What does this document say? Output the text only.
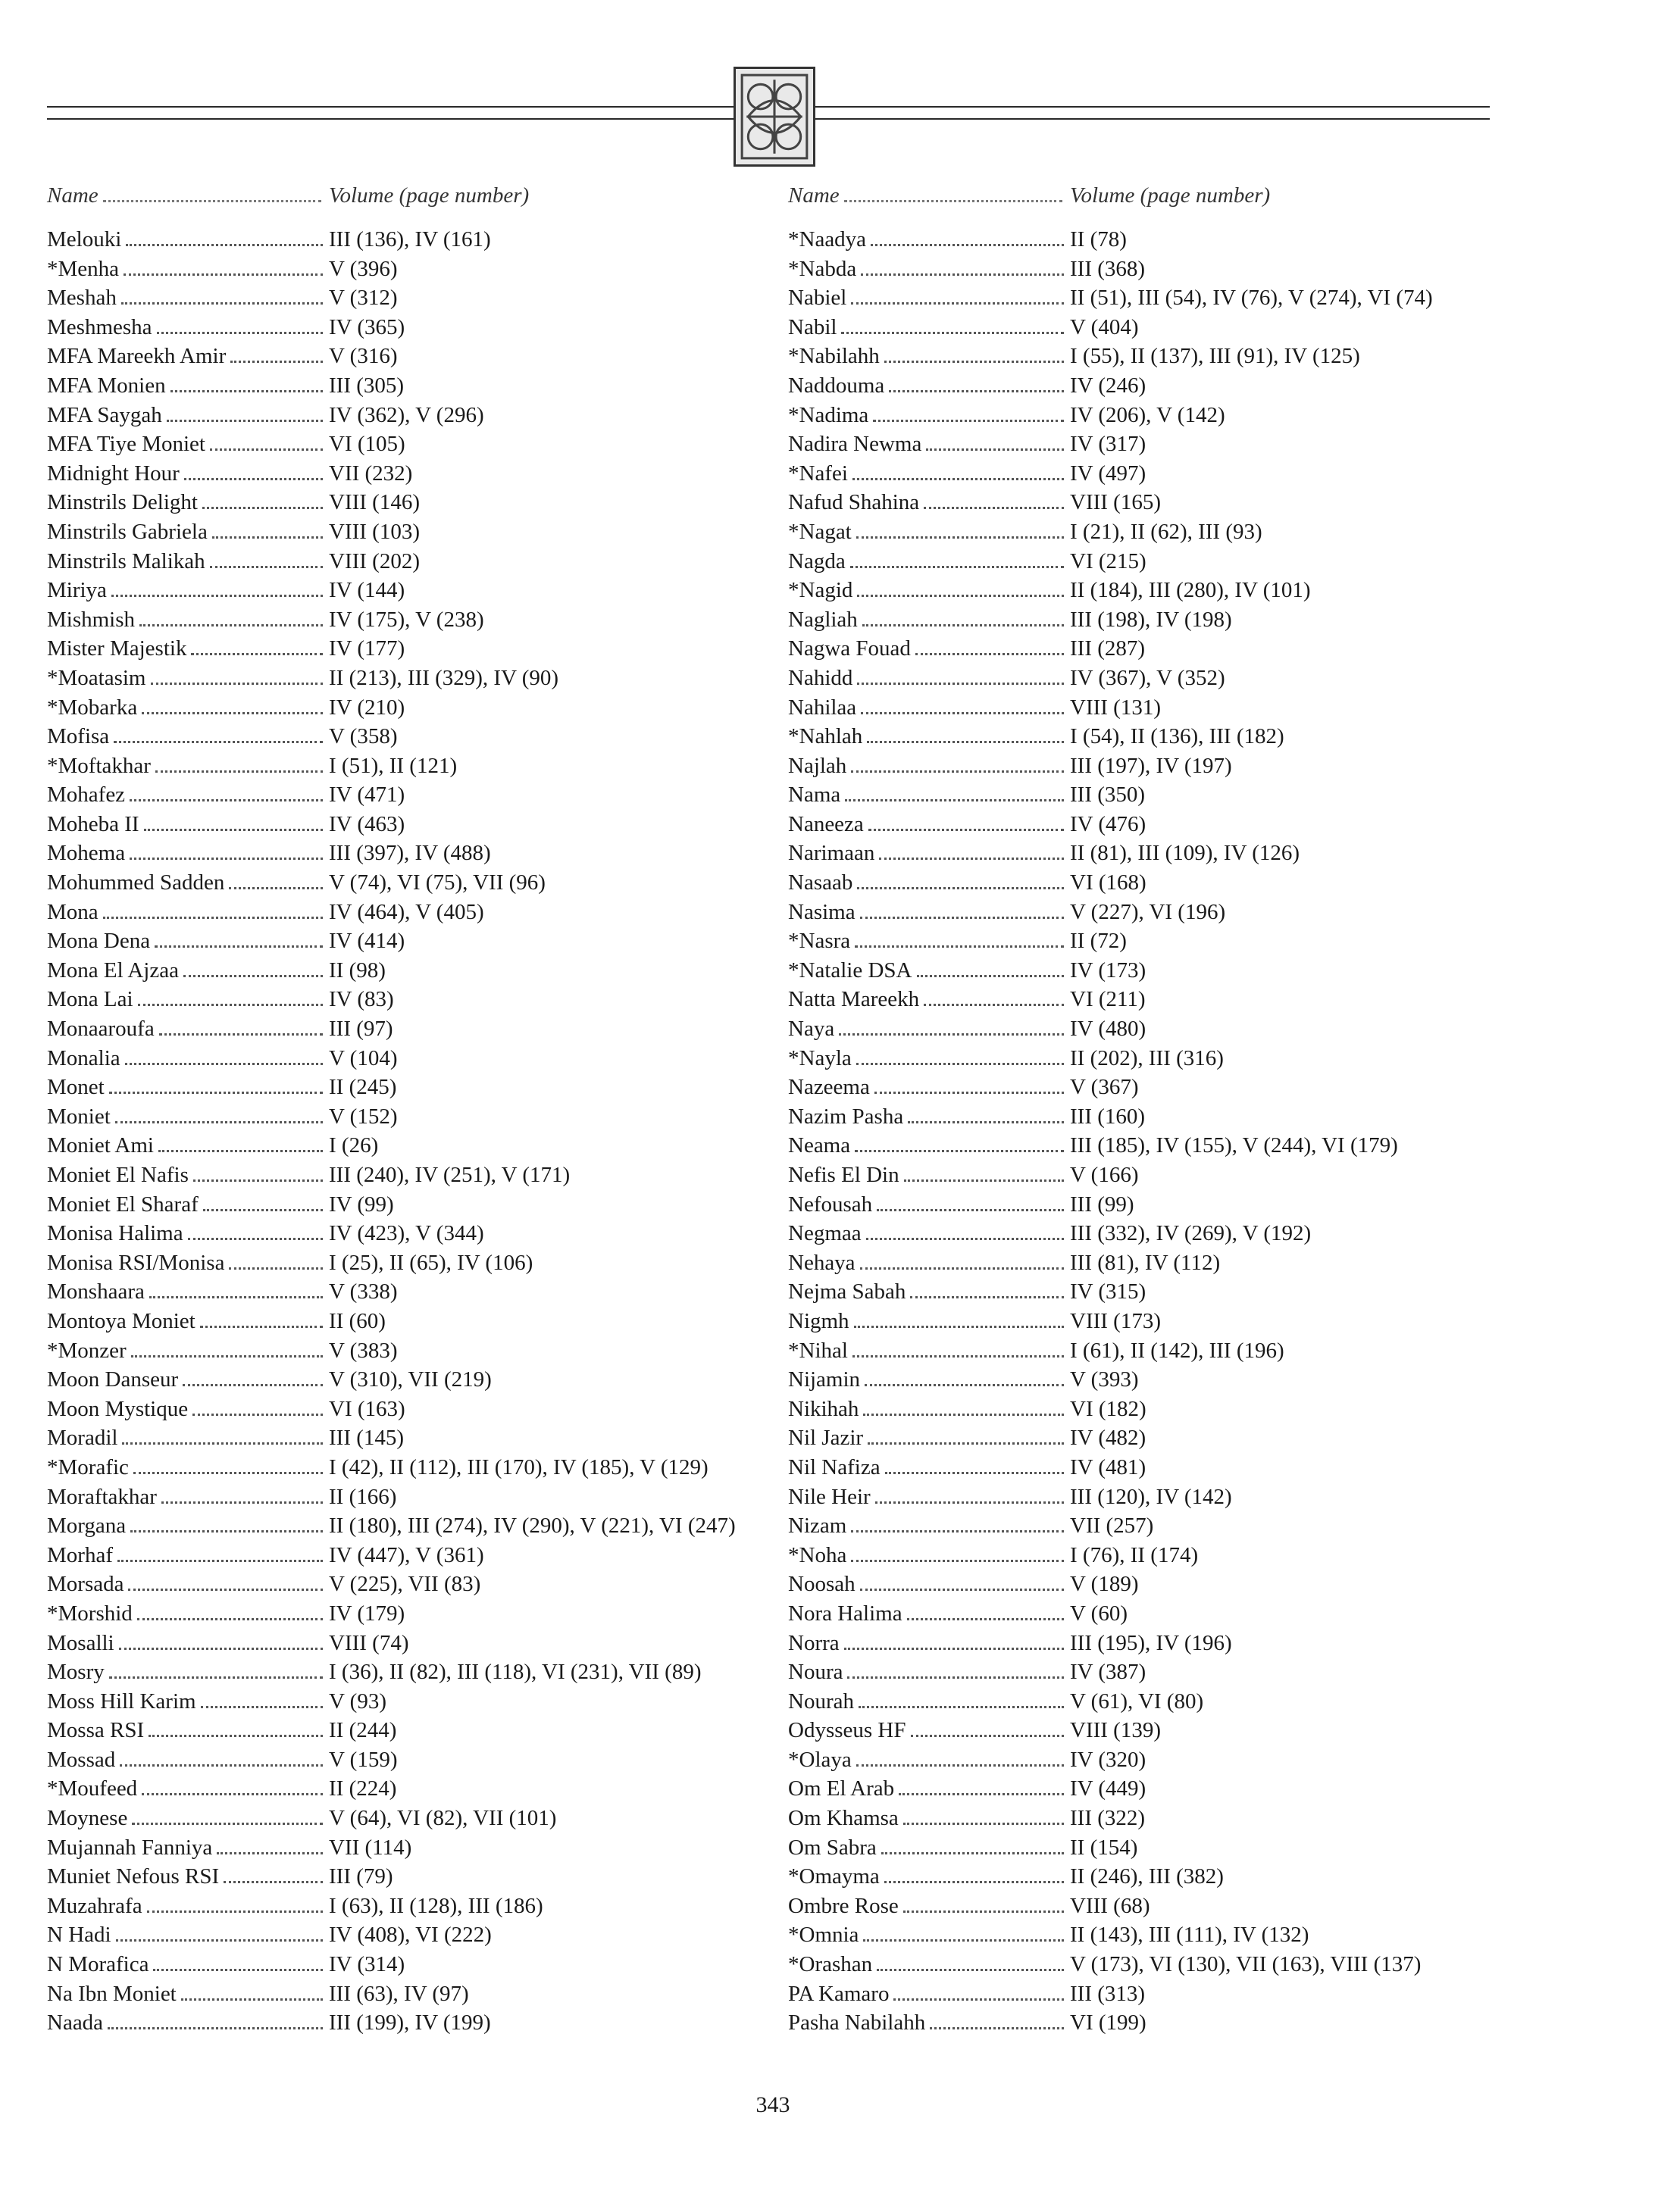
Name	Volume (page number)
Melouki	III (136), IV (161)
*Menha	V (396)
Meshah	V (312)
Meshmesha	IV (365)
MFA Mareekh Amir	V (316)
MFA Monien	III (305)
MFA Saygah	IV (362), V (296)
MFA Tiye Moniet	VI (105)
Midnight Hour	VII (232)
Minstrils Delight	VIII (146)
Minstrils Gabriela	VIII (103)
Minstrils Malikah	VIII (202)
Miriya	IV (144)
Mishmish	IV (175), V (238)
Mister Majestik	IV (177)
*Moatasim	II (213), III (329), IV (90)
*Mobarka	IV (210)
Mofisa	V (358)
*Moftakhar	I (51), II (121)
Mohafez	IV (471)
Moheba II	IV (463)
Mohema	III (397), IV (488)
Mohummed Sadden	V (74), VI (75), VII (96)
Mona	IV (464), V (405)
Mona Dena	IV (414)
Mona El Ajzaa	II (98)
Mona Lai	IV (83)
Monaaroufa	III (97)
Monalia	V (104)
Monet	II (245)
Moniet	V (152)
Moniet Ami	I (26)
Moniet El Nafis	III (240), IV (251), V (171)
Moniet El Sharaf	IV (99)
Monisa Halima	IV (423), V (344)
Monisa RSI/Monisa	I (25), II (65), IV (106)
Monshaara	V (338)
Montoya Moniet	II (60)
*Monzer	V (383)
Moon Danseur	V (310), VII (219)
Moon Mystique	VI (163)
Moradil	III (145)
*Morafic	I (42), II (112), III (170), IV (185), V (129)
Moraftakhar	II (166)
Morgana	II (180), III (274), IV (290), V (221), VI (247)
Morhaf	IV (447), V (361)
Morsada	V (225), VII (83)
*Morshid	IV (179)
Mosalli	VIII (74)
Mosry	I (36), II (82), III (118), VI (231), VII (89)
Moss Hill Karim	V (93)
Mossa RSI	II (244)
Mossad	V (159)
*Moufeed	II (224)
Moynese	V (64), VI (82), VII (101)
Mujannah Fanniya	VII (114)
Muniet Nefous RSI	III (79)
Muzahrafa	I (63), II (128), III (186)
N Hadi	IV (408), VI (222)
N Morafica	IV (314)
Na Ibn Moniet	III (63), IV (97)
Naada	III (199), IV (199)
Name	Volume (page number)
*Naadya	II (78)
*Nabda	III (368)
Nabiel	II (51), III (54), IV (76), V (274), VI (74)
Nabil	V (404)
*Nabilahh	I (55), II (137), III (91), IV (125)
Naddouma	IV (246)
*Nadima	IV (206), V (142)
Nadira Newma	IV (317)
*Nafei	IV (497)
Nafud Shahina	VIII (165)
*Nagat	I (21), II (62), III (93)
Nagda	VI (215)
*Nagid	II (184), III (280), IV (101)
Nagliah	III (198), IV (198)
Nagwa Fouad	III (287)
Nahidd	IV (367), V (352)
Nahilaa	VIII (131)
*Nahlah	I (54), II (136), III (182)
Najlah	III (197), IV (197)
Nama	III (350)
Naneeza	IV (476)
Narimaan	II (81), III (109), IV (126)
Nasaab	VI (168)
Nasima	V (227), VI (196)
*Nasra	II (72)
*Natalie DSA	IV (173)
Natta Mareekh	VI (211)
Naya	IV (480)
*Nayla	II (202), III (316)
Nazeema	V (367)
Nazim Pasha	III (160)
Neama	III (185), IV (155), V (244), VI (179)
Nefis El Din	V (166)
Nefousah	III (99)
Negmaa	III (332), IV (269), V (192)
Nehaya	III (81), IV (112)
Nejma Sabah	IV (315)
Nigmh	VIII (173)
*Nihal	I (61), II (142), III (196)
Nijamin	V (393)
Nikihah	VI (182)
Nil Jazir	IV (482)
Nil Nafiza	IV (481)
Nile Heir	III (120), IV (142)
Nizam	VII (257)
*Noha	I (76), II (174)
Noosah	V (189)
Nora Halima	V (60)
Norra	III (195), IV (196)
Noura	IV (387)
Nourah	V (61), VI (80)
Odysseus HF	VIII (139)
*Olaya	IV (320)
Om El Arab	IV (449)
Om Khamsa	III (322)
Om Sabra	II (154)
*Omayma	II (246), III (382)
Ombre Rose	VIII (68)
*Omnia	II (143), III (111), IV (132)
*Orashan	V (173), VI (130), VII (163), VIII (137)
PA Kamaro	III (313)
Pasha Nabilahh	VI (199)
343
